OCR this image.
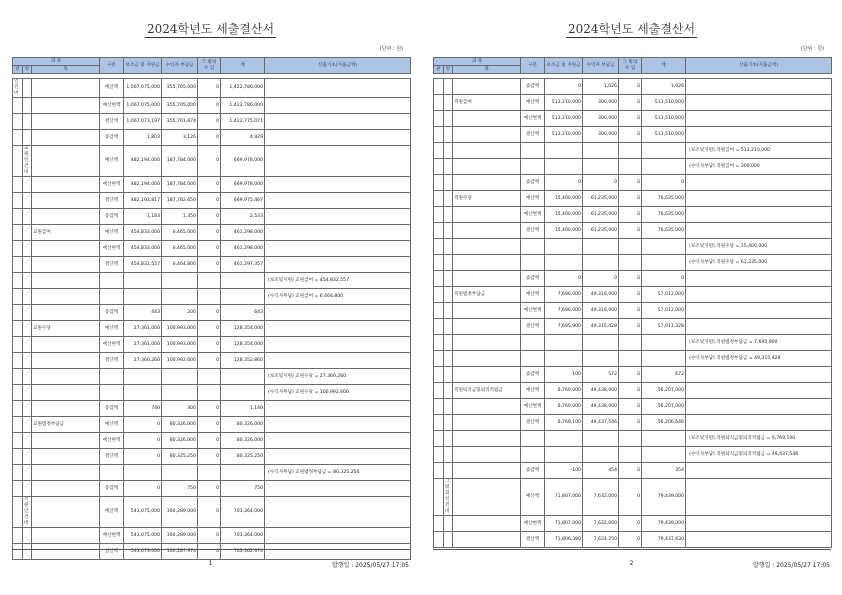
2024학년도 세출결산서
(단위 : 원)
과 목			구분	보조금 및 지원금	수익자 부담금	그 밖의 수 입	계	산출기초(지출금액)
관	항	목						

인건비			예산액	1,067,075,000	355,705,000	0	1,422,780,000	
			예산현액	1,067,075,000	355,705,000	0	1,422,780,000	
			결산액	1,067,073,197	355,701,874	0	1,422,775,071	
			증감액	1,803	3,126	0	4,929	
	교원인건비		예산액	482,194,000	187,784,000	0	669,978,000	
			예산현액	482,194,000	187,784,000	0	669,978,000	
			결산액	482,192,817	187,782,650	0	669,975,467	
			증감액	1,183	1,350	0	2,533	
		교원급여	예산액	454,833,000	6,465,000	0	461,298,000	
			예산현액	454,833,000	6,465,000	0	461,298,000	
			결산액	454,832,557	6,464,800	0	461,297,357	
								(보조및지원) 교원급여 = 454,832,557
								(수익자부담) 교원급여 = 6,464,800
			증감액	443	200	0	643	
		교원수당	예산액	27,361,000	100,993,000	0	128,354,000	
			예산현액	27,361,000	100,993,000	0	128,354,000	
			결산액	27,360,260	100,992,600	0	128,352,860	
								(보조및지원) 교원수당 = 27,360,260
								(수익자부담) 교원수당 = 100,992,600
			증감액	740	400	0	1,140	
		교원법정부담금	예산액	0	80,326,000	0	80,326,000	
			예산현액	0	80,326,000	0	80,326,000	
			결산액	0	80,325,250	0	80,325,250	
								(수익자부담) 교원법정부담금 = 80,325,250
			증감액	0	750	0	750	
	직원인건비		예산액	543,075,000	160,289,000	0	703,364,000	
			예산현액	543,075,000	160,289,000	0	703,364,000	
			결산액	543,073,000	160,287,974	0	703,362,974	
1	발행일 : 2025/05/27 17:05
2024학년도 세출결산서
(단위 : 원)
과 목			구분	보조금 및 지원금	수익자 부담금	그 밖의 수 입	계	산출기초(지출금액)
관	항	목						

			증감액	0	1,026	0	1,026	
		직원급여	예산액	513,210,000	300,000	0	513,510,000	
			예산현액	513,210,000	300,000	0	513,510,000	
			결산액	513,210,000	300,000	0	513,510,000	
								(보조및지원) 직원급여 = 513,210,000
								(수익자부담) 직원급여 = 300,000
			증감액	0	0	0	0	
		직원수당	예산액	15,400,000	61,235,000	0	76,635,000	
			예산현액	15,400,000	61,235,000	0	76,635,000	
			결산액	15,400,000	61,235,000	0	76,635,000	
								(보조및지원) 직원수당 = 15,400,000
								(수익자부담) 직원수당 = 61,235,000
			증감액	0	0	0	0	
		직원법정부담금	예산액	7,696,000	49,316,000	0	57,012,000	
			예산현액	7,696,000	49,316,000	0	57,012,000	
			결산액	7,695,900	49,315,428	0	57,011,328	
								(보조및지원) 직원법정부담금 = 7,695,900
								(수익자부담) 직원법정부담금 = 49,315,428
			증감액	100	572	0	672	
		직원퇴직금및퇴직적립금	예산액	6,769,000	49,438,000	0	56,207,000	
			예산현액	6,769,000	49,438,000	0	56,207,000	
			결산액	6,769,100	49,437,546	0	56,206,646	
								(보조및지원) 직원퇴직금및퇴직적립금 = 6,769,100
								(수익자부담) 직원퇴직금및퇴직적립금 = 49,437,546
			증감액	-100	454	0	354	
	그밖의인건비		예산액	71,807,000	7,632,000	0	79,439,000	
			예산현액	71,807,000	7,632,000	0	79,439,000	
			결산액	71,806,380	7,631,250	0	79,437,630	
2	발행일 : 2025/05/27 17:05
